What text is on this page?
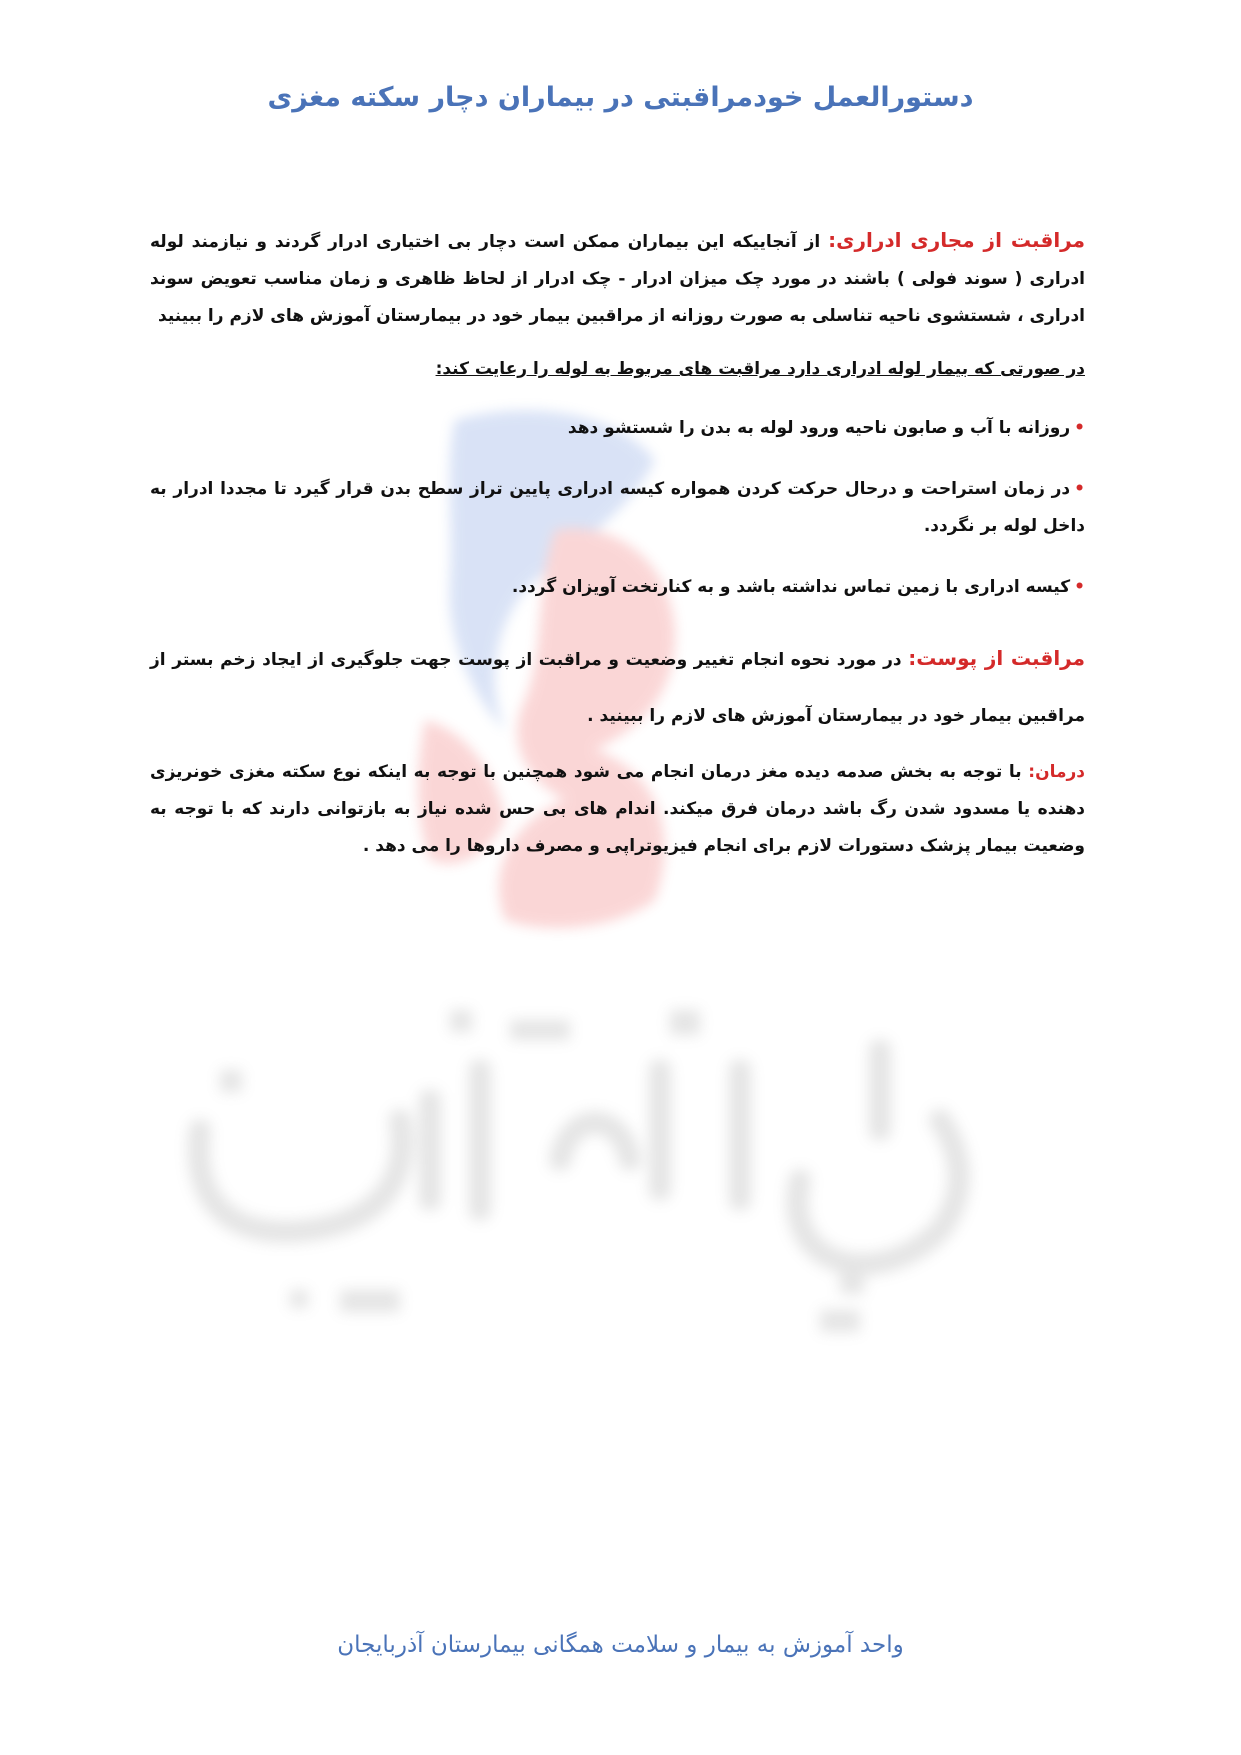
دستورالعمل خودمراقبتی در بیماران دچار سکته مغزی

مراقبت از مجاری ادراری: از آنجاییکه این بیماران ممکن است دچار بی اختیاری ادرار گردند و نیازمند لوله ادراری ( سوند فولی ) باشند در مورد چک میزان ادرار - چک ادرار از لحاظ ظاهری و زمان مناسب تعویض سوند ادراری ، شستشوی ناحیه تناسلی به صورت روزانه از مراقبین بیمار خود در بیمارستان آموزش های لازم را ببینید

در صورتی که بیمار لوله ادراری دارد مراقبت های مربوط به لوله را رعایت کند:

•روزانه با آب و صابون ناحیه ورود لوله به بدن را شستشو دهد

•در زمان استراحت و درحال حرکت کردن همواره کیسه ادراری پایین تراز سطح بدن قرار گیرد تا مجددا ادرار به داخل لوله بر نگردد.

•کیسه ادراری با زمین تماس نداشته باشد و به کنارتخت آویزان گردد.

مراقبت از پوست: در مورد نحوه انجام تغییر وضعیت و مراقبت از پوست جهت جلوگیری از ایجاد زخم بستر از مراقبین بیمار خود در بیمارستان آموزش های لازم را ببینید .

درمان: با توجه به بخش صدمه دیده مغز درمان انجام می شود همچنین با توجه به اینکه نوع سکته مغزی خونریزی دهنده یا مسدود شدن رگ باشد درمان فرق میکند. اندام های بی حس شده نیاز به بازتوانی دارند که با توجه به وضعیت بیمار پزشک دستورات لازم برای انجام فیزیوتراپی و مصرف داروها را می دهد .

واحد آموزش به بیمار و سلامت همگانی بیمارستان آذربایجان
